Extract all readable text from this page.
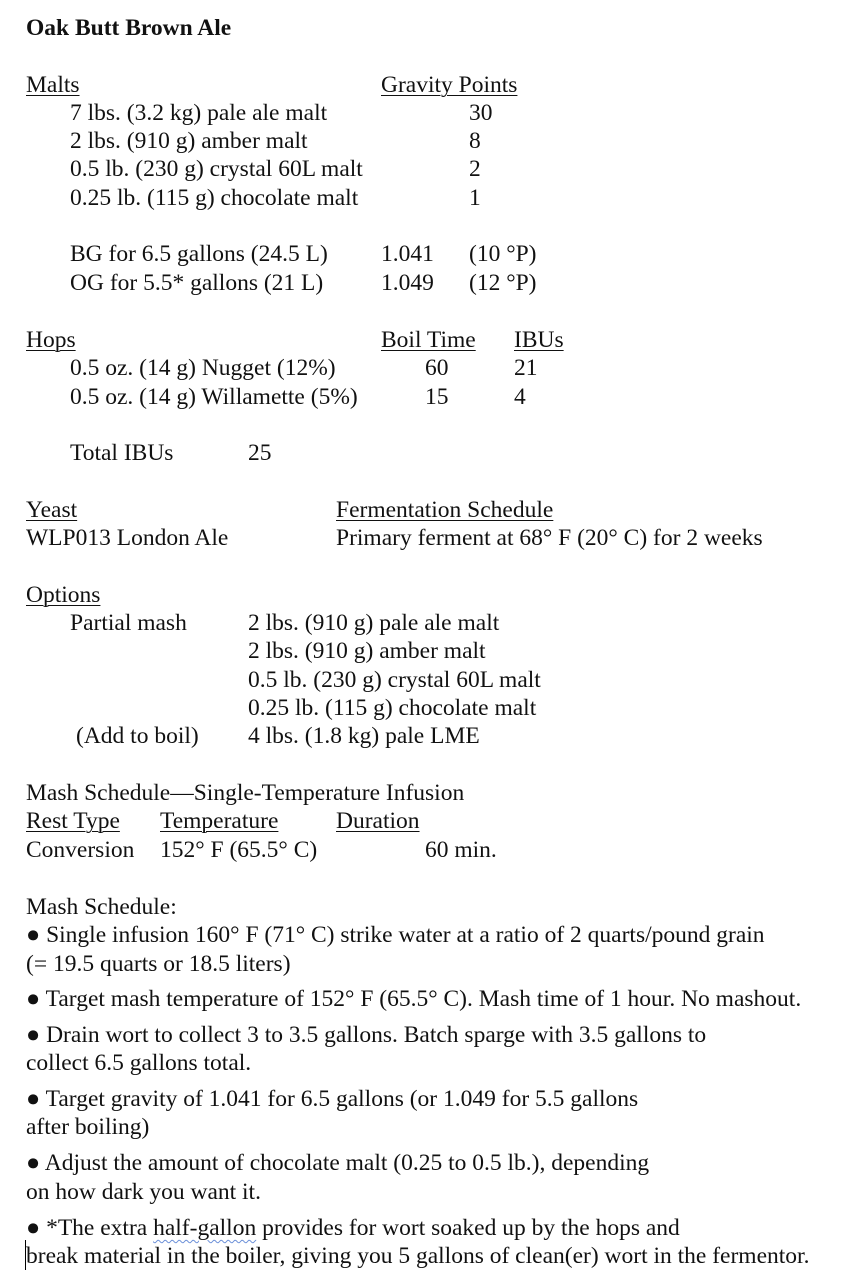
Oak Butt Brown Ale
Malts	Gravity Points
7 lbs. (3.2 kg) pale ale malt	30
2 lbs. (910 g) amber malt	8
0.5 lb. (230 g) crystal 60L malt	2
0.25 lb. (115 g) chocolate malt	1
BG for 6.5 gallons (24.5 L) 1.041 (10 °P)
OG for 5.5* gallons (21 L) 1.049 (12 °P)
Hops	Boil Time IBUs
0.5 oz. (14 g) Nugget (12%)	60	21
0.5 oz. (14 g) Willamette (5%)	15	4
Total IBUs	25
Yeast	Fermentation Schedule
WLP013 London Ale	Primary ferment at 68° F (20° C) for 2 weeks
Options
Partial mash	2 lbs. (910 g) pale ale malt
2 lbs. (910 g) amber malt
0.5 lb. (230 g) crystal 60L malt
0.25 lb. (115 g) chocolate malt
(Add to boil) 4 lbs. (1.8 kg) pale LME
Mash Schedule—Single-Temperature Infusion
Rest Type Temperature Duration
Conversion 152° F (65.5° C)	60 min.
Mash Schedule:
● Single infusion 160° F (71° C) strike water at a ratio of 2 quarts/pound grain
(= 19.5 quarts or 18.5 liters)
● Target mash temperature of 152° F (65.5° C). Mash time of 1 hour. No mashout.
● Drain wort to collect 3 to 3.5 gallons. Batch sparge with 3.5 gallons to
collect 6.5 gallons total.
● Target gravity of 1.041 for 6.5 gallons (or 1.049 for 5.5 gallons
after boiling)
● Adjust the amount of chocolate malt (0.25 to 0.5 lb.), depending
on how dark you want it.
● *The extra half-gallon provides for wort soaked up by the hops and
break material in the boiler, giving you 5 gallons of clean(er) wort in the fermentor.
